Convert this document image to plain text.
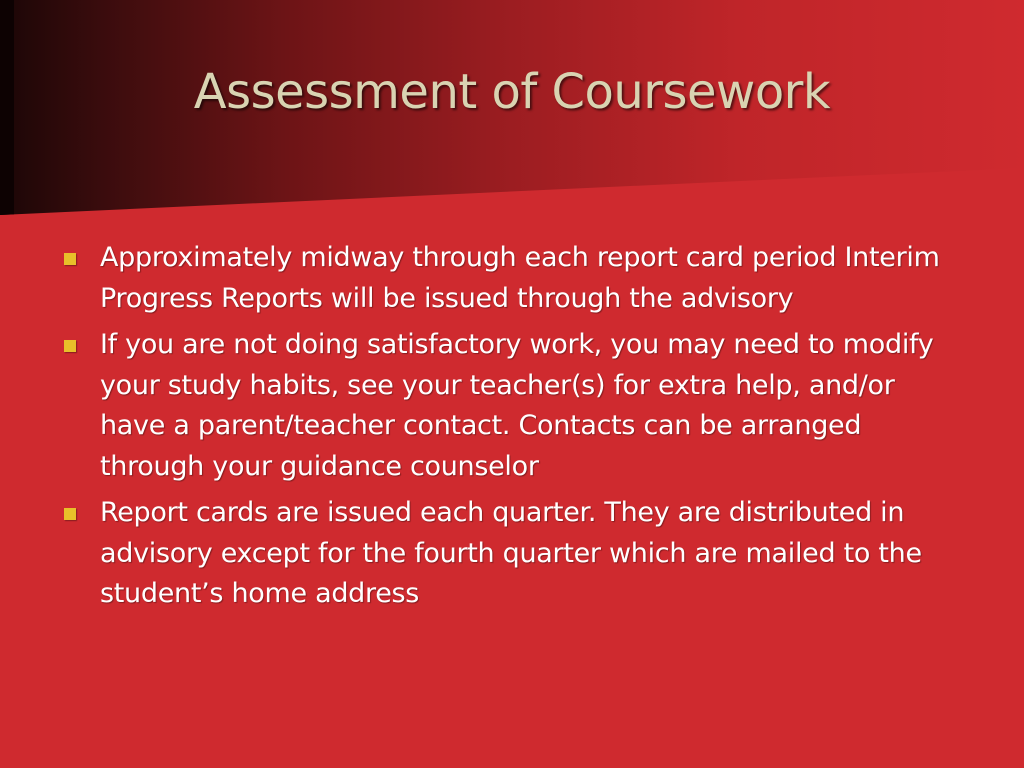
Assessment of Coursework
Approximately midway through each report card period Interim Progress Reports will be issued through the advisory
If you are not doing satisfactory work, you may need to modify your study habits, see your teacher(s) for extra help, and/or have a parent/teacher contact. Contacts can be arranged through your guidance counselor
Report cards are issued each quarter. They are distributed in advisory except for the fourth quarter which are mailed to the student’s home address
